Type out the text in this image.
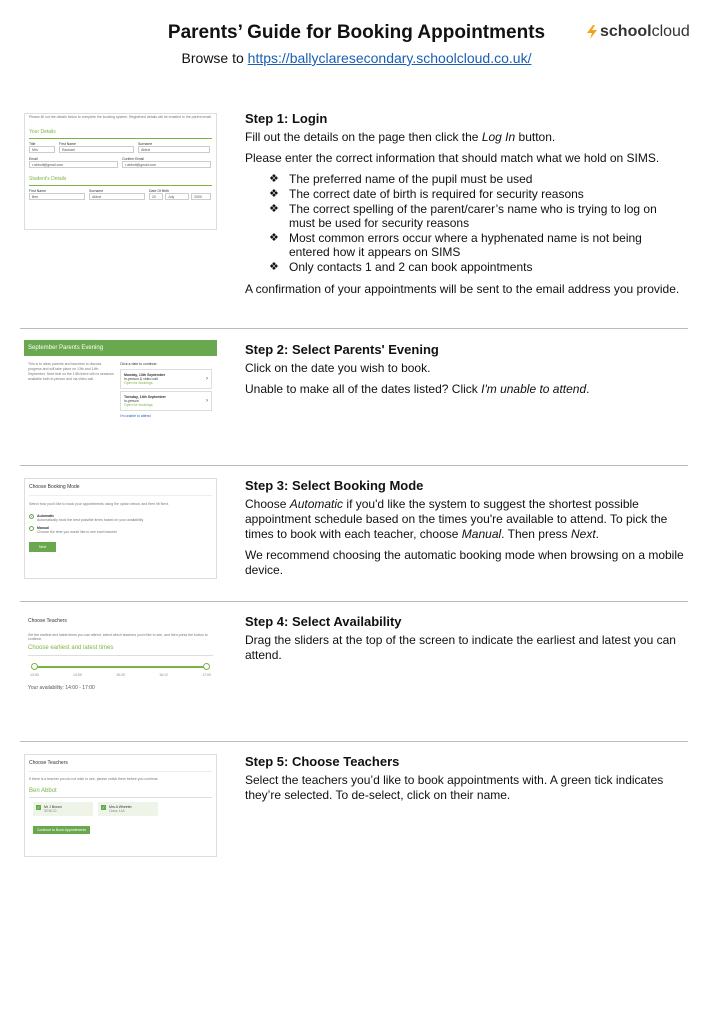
Parents’ Guide for Booking Appointments
Browse to https://ballyclaresecondary.schoolcloud.co.uk/
school cloud
Please fill out the details below to complete the booking system. Registered details will be emailed to the parent email.
Your Details
Title
Mrs
First Name
Rachael
Surname
Abbot
Email
r.abbott@gmail.com
Confirm Email
r.abbott@gmail.com
Student's Details
First Name
Ben
Surname
Abbot
Date Of Birth
20	July	2000
Step 1: Login

Fill out the details on the page then click the Log In button.

Please enter the correct information that should match what we hold on SIMS.

❖ The preferred name of the pupil must be used
❖ The correct date of birth is required for security reasons
❖ The correct spelling of the parent/carer’s name who is trying to log on must be used for security reasons
❖ Most common errors occur where a hyphenated name is not being entered how it appears on SIMS
❖ Only contacts 1 and 2 can book appointments

A confirmation of your appointments will be sent to the email address you provide.

September Parents Evening
This is to allow parents and teachers to discuss progress and will take place on 13th and 14th September. Note that on the 13th there will no sessions available both in-person and via video call.
Click a date to continue:
Monday, 13th September
In-person & video call
Open for bookings
›
Tuesday, 14th September
In-person
Open for bookings
›
I'm unable to attend
Step 2: Select Parents' Evening

Click on the date you wish to book.

Unable to make all of the dates listed? Click I'm unable to attend.

Choose Booking Mode
Select how you'd like to book your appointments using the option below, and then hit Next.
Automatic
Automatically book the best possible times based on your availability
Manual
Choose the time you would like to see each teacher
Next
Step 3: Select Booking Mode

Choose Automatic if you'd like the system to suggest the shortest possible appointment schedule based on the times you're available to attend. To pick the times to book with each teacher, choose Manual. Then press Next.

We recommend choosing the automatic booking mode when browsing on a mobile device.

Choose Teachers
Set the earliest and latest times you can attend, select which teachers you'd like to see, and then press the button to continue.
Choose earliest and latest times
13:00	14:00	15:20	16:12	17:00
Your availability: 14:00 - 17:00
Step 4: Select Availability

Drag the sliders at the top of the screen to indicate the earliest and latest you can attend.

Choose Teachers
If there is a teacher you do not wish to see, please untick them before you continue.
Ben Abbot
✓ Mr J Brown
SENCO
✓ Mrs A Wheeler
Class 11A
Continue to Book Appointments
Step 5: Choose Teachers

Select the teachers you’d like to book appointments with. A green tick indicates they’re selected. To de-select, click on their name.
